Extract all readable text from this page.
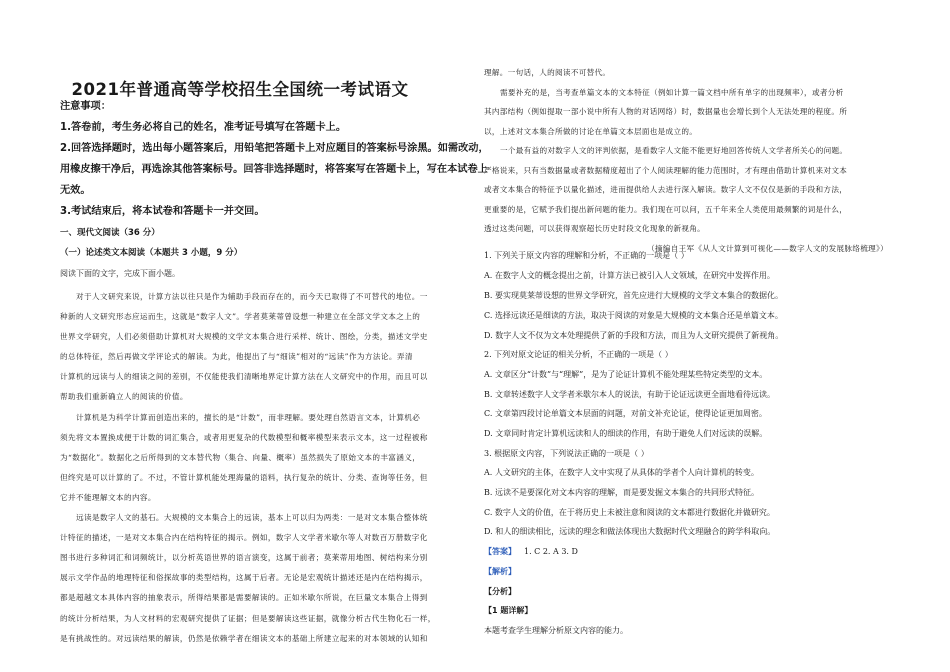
2021年普通高等学校招生全国统一考试语文
注意事项：
1.答卷前，考生务必将自己的姓名，准考证号填写在答题卡上。
2.回答选择题时，选出每小题答案后，用铅笔把答题卡上对应题目的答案标号涂黑。如需改动，
用橡皮擦干净后，再选涂其他答案标号。回答非选择题时，将答案写在答题卡上，写在本试卷上
无效。
3.考试结束后，将本试卷和答题卡一并交回。
一、现代文阅读（36 分）
（一）论述类文本阅读（本题共 3 小题，9 分）
阅读下面的文字，完成下面小题。
对于人文研究来说，计算方法以往只是作为辅助手段而存在的，而今天已取得了不可替代的地位。一
种新的人文研究形态应运而生，这就是“数字人文”。学者莫莱蒂曾设想一种建立在全部文学文本之上的
世界文学研究，人们必须借助计算机对大规模的文学文本集合进行采样、统计、图绘，分类，描述文学史
的总体特征，然后再做文学评论式的解读。为此，他提出了与“细读”相对的“远读”作为方法论。弄清
计算机的远读与人的细读之间的差别，不仅能使我们清晰地界定计算方法在人文研究中的作用，而且可以
帮助我们重新确立人的阅读的价值。
计算机是为科学计算而创造出来的，擅长的是“计数”，而非理解。要处理自然语言文本，计算机必
须先将文本置换成便于计数的词汇集合，或者用更复杂的代数模型和概率模型来表示文本，这一过程被称
为“数据化”。数据化之后所得到的文本替代物（集合、向量、概率）虽然损失了原始文本的丰富涵义，
但终究是可以计算的了。不过，不管计算机能处理海量的语料，执行复杂的统计、分类、查询等任务，但
它并不能理解文本的内容。
远读是数字人文的基石。大规模的文本集合上的远读，基本上可以归为两类：一是对文本集合整体统
计特征的描述，一是对文本集合内在结构特征的揭示。例如，数字人文学者米歇尔等人对数百万册数字化
图书进行多种词汇和词频统计，以分析英语世界的语言演变，这属于前者；莫莱蒂用地图、树结构来分别
展示文学作品的地理特征和俗探故事的类型结构，这属于后者。无论是宏观统计描述还是内在结构揭示，
都是超越文本具体内容的抽象表示，所得结果都是需要解读的。正如米歇尔所说，在巨量文本集合上得到
的统计分析结果，为人文材料的宏观研究提供了证据；但是要解读这些证据，就像分析古代生物化石一样，
是有挑战性的。对远读结果的解读，仍然是依赖学者在细读文本的基础上所建立起来的对本领域的认知和
理解。一句话，人的阅读不可替代。
需要补充的是，当考查单篇文本的文本特征（例如计算一篇文档中所有单字的出现频率），或者分析
其内部结构（例如提取一部小说中所有人物的对话网络）时，数据量也会增长到个人无法处理的程度。所
以，上述对文本集合所做的讨论在单篇文本层面也是成立的。
一个最有益的对数字人文的评判依据，是看数字人文能不能更好地回答传统人文学者所关心的问题。
严格说来，只有当数据量或者数据精度超出了个人阅读理解的能力范围时，才有理由借助计算机来对文本
或者文本集合的特征予以量化描述，进而提供给人去进行深入解读。数字人文不仅仅是新的手段和方法，
更重要的是，它赋予我们提出新问题的能力。我们现在可以问，五千年来全人类使用最频繁的词是什么，
透过这类问题，可以获得观察超长历史时段文化现象的新视角。
（摘编自王军《从人文计算到可视化——数字人文的发展脉络梳理》）
1. 下列关于原文内容的理解和分析，不正确的一项是（ ）
A. 在数字人文的概念提出之前，计算方法已被引入人文领域，在研究中发挥作用。
B. 要实现莫莱蒂设想的世界文学研究，首先应进行大规模的文学文本集合的数据化。
C. 选择远读还是细读的方法，取决于阅读的对象是大规模的文本集合还是单篇文本。
D. 数字人文不仅为文本处理提供了新的手段和方法，而且为人文研究提供了新视角。
2. 下列对原文论证的相关分析，不正确的一项是（ ）
A. 文章区分“计数”与“理解”，是为了论证计算机不能处理某些特定类型的文本。
B. 文章转述数字人文学者米歇尔本人的说法，有助于论证远读更全面地看待远读。
C. 文章第四段讨论单篇文本层面的问题，对前文补充论证，使得论证更加周密。
D. 文章同时肯定计算机远读和人的细读的作用，有助于避免人们对远读的误解。
3. 根据原文内容，下列说法正确的一项是（ ）
A. 人文研究的主体，在数字人文中实现了从具体的学者个人向计算机的转变。
B. 远读不是要深化对文本内容的理解，而是要发掘文本集合的共同形式特征。
C. 数字人文的价值，在于将历史上未被注意和阅读的文本都进行数据化并做研究。
D. 和人的细读相比，远读的理念和做法体现出大数据时代文理融合的跨学科取向。
【答案】 1. C 2. A 3. D
【解析】
【分析】
【1 题详解】
本题考查学生理解分析原文内容的能力。
